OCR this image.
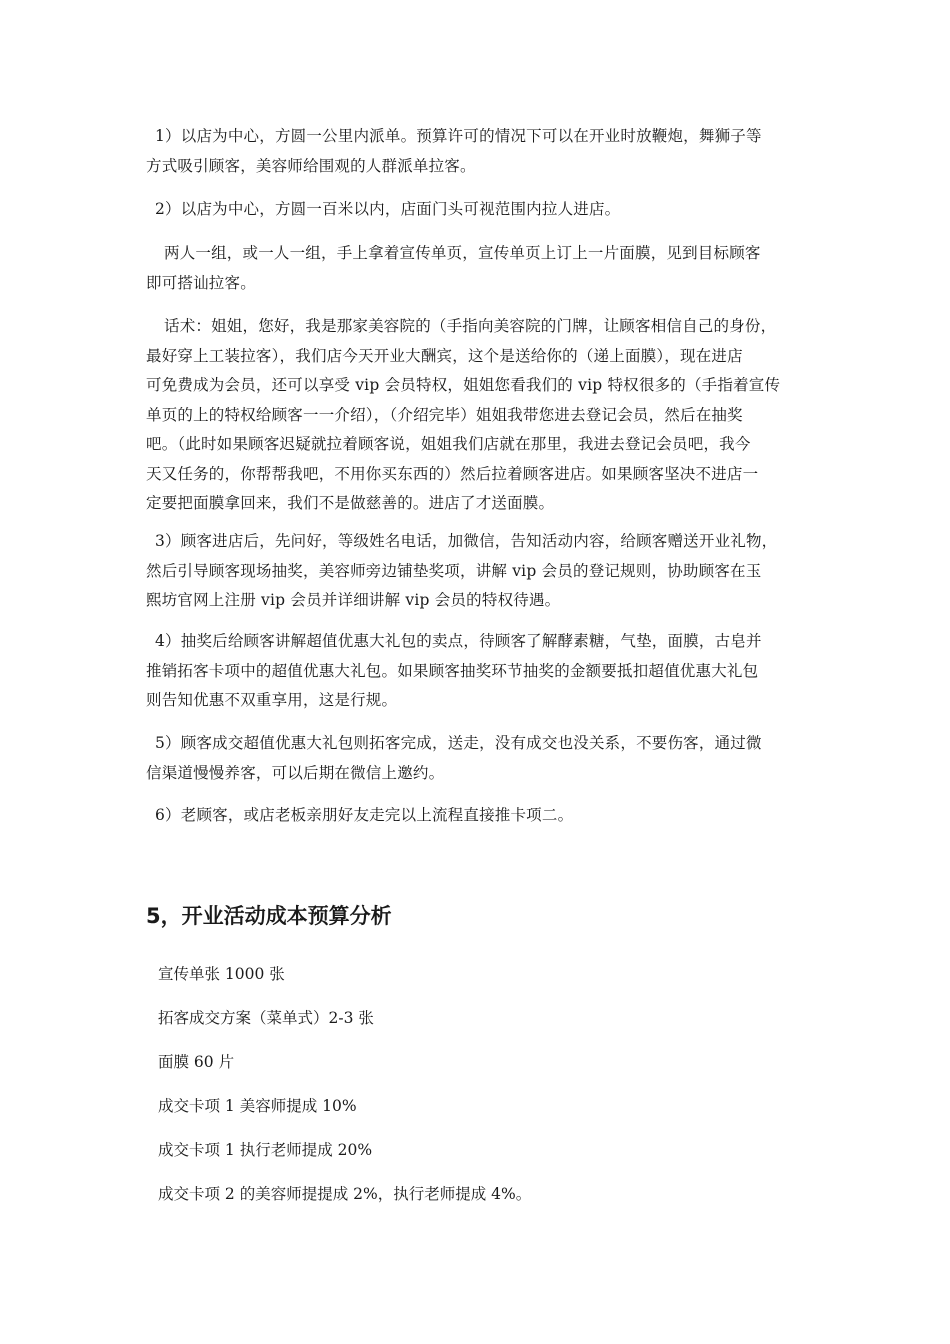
1）以店为中心，方圆一公里内派单。预算许可的情况下可以在开业时放鞭炮，舞狮子等
方式吸引顾客，美容师给围观的人群派单拉客。

2）以店为中心，方圆一百米以内，店面门头可视范围内拉人进店。

两人一组，或一人一组，手上拿着宣传单页，宣传单页上订上一片面膜，见到目标顾客
即可搭讪拉客。

话术：姐姐，您好，我是那家美容院的（手指向美容院的门牌，让顾客相信自己的身份，
最好穿上工装拉客），我们店今天开业大酬宾，这个是送给你的（递上面膜），现在进店
可免费成为会员，还可以享受 vip 会员特权，姐姐您看我们的 vip 特权很多的（手指着宣传
单页的上的特权给顾客一一介绍），（介绍完毕）姐姐我带您进去登记会员，然后在抽奖
吧。（此时如果顾客迟疑就拉着顾客说，姐姐我们店就在那里，我进去登记会员吧，我今
天又任务的，你帮帮我吧，不用你买东西的）然后拉着顾客进店。如果顾客坚决不进店一
定要把面膜拿回来，我们不是做慈善的。进店了才送面膜。

3）顾客进店后，先问好，等级姓名电话，加微信，告知活动内容，给顾客赠送开业礼物，
然后引导顾客现场抽奖，美容师旁边铺垫奖项，讲解 vip 会员的登记规则，协助顾客在玉
熙坊官网上注册 vip 会员并详细讲解 vip 会员的特权待遇。

4）抽奖后给顾客讲解超值优惠大礼包的卖点，待顾客了解酵素糖，气垫，面膜，古皂并
推销拓客卡项中的超值优惠大礼包。如果顾客抽奖环节抽奖的金额要抵扣超值优惠大礼包
则告知优惠不双重享用，这是行规。

5）顾客成交超值优惠大礼包则拓客完成，送走，没有成交也没关系，不要伤客，通过微
信渠道慢慢养客，可以后期在微信上邀约。

6）老顾客，或店老板亲朋好友走完以上流程直接推卡项二。

5，开业活动成本预算分析

宣传单张 1000 张

拓客成交方案（菜单式）2-3 张

面膜 60 片

成交卡项 1 美容师提成 10%

成交卡项 1 执行老师提成 20%

成交卡项 2 的美容师提提成 2%，执行老师提成 4%。
